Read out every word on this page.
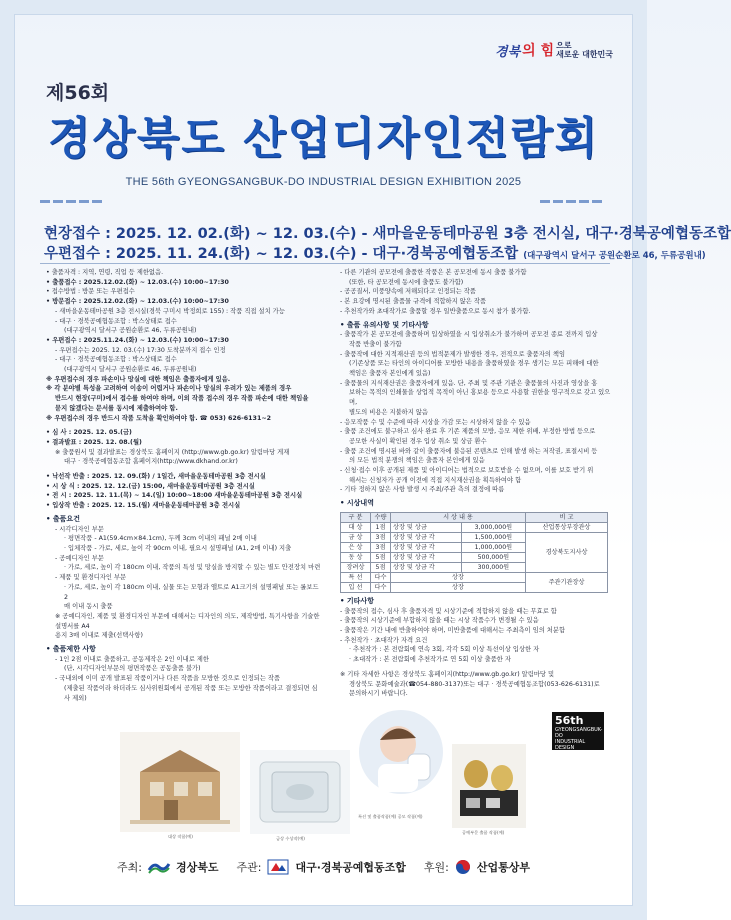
경북 의 힘 으로
새로운 대한민국
제56회
경상북도 산업디자인전람회
THE 56th GYEONGSANGBUK-DO INDUSTRIAL DESIGN EXHIBITION 2025
현장접수 : 2025. 12. 02.(화) ~ 12. 03.(수) - 새마을운동테마공원 3층 전시실, 대구·경북공예협동조합
우편접수 : 2025. 11. 24.(화) ~ 12. 03.(수) - 대구·경북공예협동조합 (대구광역시 달서구 공원순환로 46, 두류공원내)
• 출품자격 : 지역, 연령, 직업 등 제한없음.
• 출품접수 : 2025.12.02.(화) ~ 12.03.(수) 10:00~17:30
• 접수방법 : 방문 또는 우편접수
• 방문접수 : 2025.12.02.(화) ~ 12.03.(수) 10:00~17:30
- 새마을운동테마공원 3층 전시실(경북 구미시 박정희로 155) : 작품 직접 설치 가능
- 대구 · 경북공예협동조합 : 박스상태로 접수
(대구광역시 달서구 공원순환로 46, 두류공원내)
• 우편접수 : 2025.11.24.(화) ~ 12.03.(수) 10:00~17:30
- 우편접수는 2025. 12. 03.(수) 17:30 도착분까지 접수 인정
- 대구 · 경북공예협동조합 : 박스상태로 접수
(대구광역시 달서구 공원순환로 46, 두류공원내)
※ 우편접수의 경우 파손이나 망실에 대한 책임은 출품자에게 있음.
※ 각 분야별 특성을 고려하여 이송이 어렵거나 파손이나 망실의 우려가 있는 제품의 경우
반드시 현장(구미)에서 접수를 하여야 하며, 이외 작품 접수의 경우 작품 파손에 대한 책임을
묻지 않겠다는 문서를 동시에 제출하여야 함.
※ 우편접수의 경우 반드시 작품 도착을 확인하여야 함. ☎ 053) 626-6131~2
• 심 사 : 2025. 12. 05.(금)
• 결과발표 : 2025. 12. 08.(월)
※ 출품원서 및 결과발표는 경상북도 홈페이지 (http://www.gb.go.kr) 알림마당 게재
대구 · 경북공예협동조합 홈페이지(http://www.dkhand.or.kr)
• 낙선작 반출 : 2025. 12. 09.(화) / 1일간, 새마을운동테마공원 3층 전시실
• 시 상 식 : 2025. 12. 12.(금) 15:00, 새마을운동테마공원 3층 전시실
• 전 시 : 2025. 12. 11.(목) ~ 14.(일) 10:00~18:00 새마을운동테마공원 3층 전시실
• 입상작 반출 : 2025. 12. 15.(월) 새마을운동테마공원 3층 전시실
• 출품요건
- 시각디자인 부문
· 평면작품 - A1(59.4cm×84.1cm), 두께 3cm 이내의 패널 2매 이내
· 입체작품 - 가로, 세로, 높이 각 90cm 이내, 필요시 설명패널 (A1, 2매 이내) 지출
- 공예디자인 부문
· 가로, 세로, 높이 각 180cm 이내, 작품의 특성 및 망실을 방지할 수 있는 별도 안전장치 마련
- 제품 및 환경디자인 부문
· 가로, 세로, 높이 각 180cm 이내, 실물 또는 모형과 앨트로 A1크기의 설명패널 또는 롤보드 2
매 이내 동시 출품
※ 공예디자인, 제품 및 환경디자인 부문에 대해서는 디자인의 의도, 제작방법, 특기사항을 기술한 설명서를 A4
용지 3매 이내로 제출(선택사항)
• 출품제한 사항
- 1인 2점 이내로 출품하고, 공동제작은 2인 이내로 제한
(단, 시각디자인부문의 평면작품은 공동출품 불가)
- 국내외에 이미 공개 발표된 작품이거나 다른 작품을 모방한 것으로 인정되는 작품
(제출된 작품이라 하더라도 심사위원회에서 공개된 작품 또는 모방한 작품이라고 결정되면 심사 제외)
- 다른 기관의 공모전에 출품한 작품은 본 공모전에 동시 출품 불가함
(또한, 타 공모전에 동시에 출품도 불가함)
- 공공질서, 미풍양속에 저해되다고 인정되는 작품
- 본 요강에 명시된 출품물 규격에 적합하지 않은 작품
- 추천작가와 초대작가로 출품할 경우 일반출품으로 동시 참가 불가함.
• 출품 유의사항 및 기타사항
- 출품작가 본 공모전에 출품하며 입상하였을 시 입상취소가 불가하며 공모전 종료 전까지 입상
작품 반출이 불가함
- 출품작에 대한 지적재산권 등의 법적문제가 발생한 경우, 전적으로 출품자의 책임
(기존상품 또는 타인의 아이디어를 모방한 내용을 출품하였을 경우 생기는 모든 피해에 대한
책임은 출품자 본인에게 있음)
- 출품물의 지식재산권은 출품자에게 있음. 단, 주최 및 주관 기관은 출품물의 사진과 영상을 홍
보하는 목적의 인쇄물을 상업적 목적이 아닌 홍보용 등으로 사용할 권한을 영구적으로 갖고 있으며,
별도의 비용은 지불하지 않음
- 응모작품 수 및 수준에 따라 시상을 가감 또는 시상하지 않을 수 있음
- 출품 조건에도 불구하고 심사 완료 후 기존 제품의 모방, 응모 제한 위배, 부정한 방법 등으로
공모한 사실이 확인된 경우 입상 취소 및 상금 환수
- 출품 조건에 명시된 바와 같이 출품자에 불응된 콘텐츠로 인해 발생 하는 저작권, 표절시비 등
의 모든 법적 분쟁의 책임은 출품자 본인에게 있음
- 신청·접수 이후 공개된 제품 및 아이디어는 법적으로 보호받을 수 없으며, 이를 보호 받기 위
해서는 신청자가 공개 이전에 직접 지식재산권을 획득하여야 함
- 기타 정하지 않은 사항 발생 시 주최/주관 측의 결정에 따름
• 시상내역
구 분	수량	시 상 내 용		비 고
대 상	1점	상장 및 상금	3,000,000원	산업통상부장관상
금 상	3점	상장 및 상금 각	1,500,000원	경상북도지사상
은 상	3점	상장 및 상금 각	1,000,000원	
동 상	5점	상장 및 상금 각	500,000원	
장려상	5점	상장 및 상금 각	300,000원	
특 선	다수	상장		주관기관장상
입 선	다수	상장		
• 기타사항
- 출품작의 접수, 심사 후 출품자격 및 시상기준에 적합하지 않을 때는 무효로 함
- 출품작의 시상기준에 부합하지 않을 때는 시상 작품수가 변경될 수 있음
- 출품작은 기간 내에 반출하여야 하며, 미반출품에 대해서는 주최측이 임의 처분함
- 추천작가 · 초대작가 자격 요건
· 추천작가 : 본 전람회에 연속 3회, 각각 5회 이상 특선이상 입상한 자
· 초대작가 : 본 전람회에 추천작가로 연 5회 이상 출품한 자
※ 기타 자세한 사항은 경상북도 홈페이지(http://www.gb.go.kr) 알림마당 및
경상북도 문화예술과(☎054-880-3137)또는 대구 · 경북공예협동조합(053-626-6131)로
문의하시기 바랍니다.
56th
GYEONGSANGBUK-DO
INDUSTRIAL DESIGN
EXHIBITION
대상 작품(예)	금상 수상작(예)
특선 및 출품작품(예) 공모 작품(예)
공예부문 출품 작품(예)
주최:	경상북도 주관:	대구·경북공예협동조합 후원:	산업통상부
